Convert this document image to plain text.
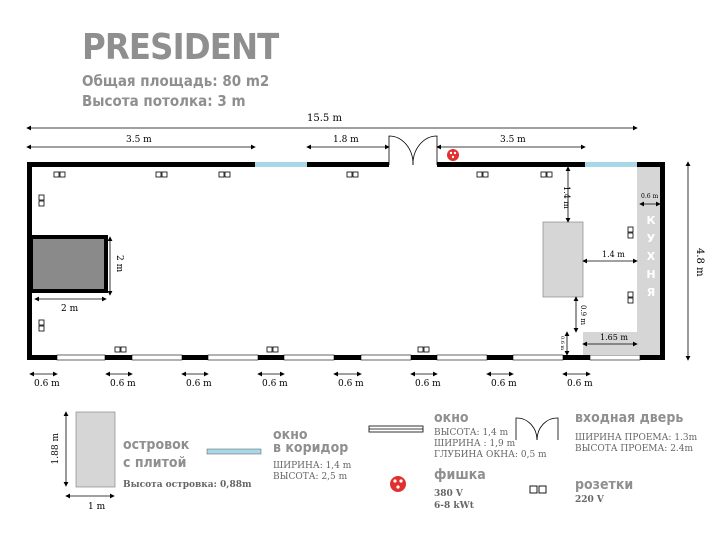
PRESIDENT
Общая площадь: 80 m2
Высота потолка: 3 m
15.5 m
3.5 m	1.8 m	3.5 m
4.8 m
2 m
2 m
1.4 m
1.4 m
0.9 m
0.6 m
1.65 m
0.6 m
КУХНЯ
0.6 m	0.6 m	0.6 m	0.6 m	0.6 m	0.6 m	0.6 m	0.6 m
1.88 m
1 m
островок
с плитой
Высота островка: 0,88m
окно
в коридор
ШИРИНА: 1,4 m
ВЫСОТА: 2,5 m
окно
ВЫСОТА: 1,4 m
ШИРИНА : 1,9 m
ГЛУБИНА ОКНА: 0,5 m
фишка
380 V
6-8 kWt
входная дверь
ШИРИНА ПРОЕМА: 1.3m
ВЫСОТА ПРОЕМА: 2.4m
розетки
220 V
